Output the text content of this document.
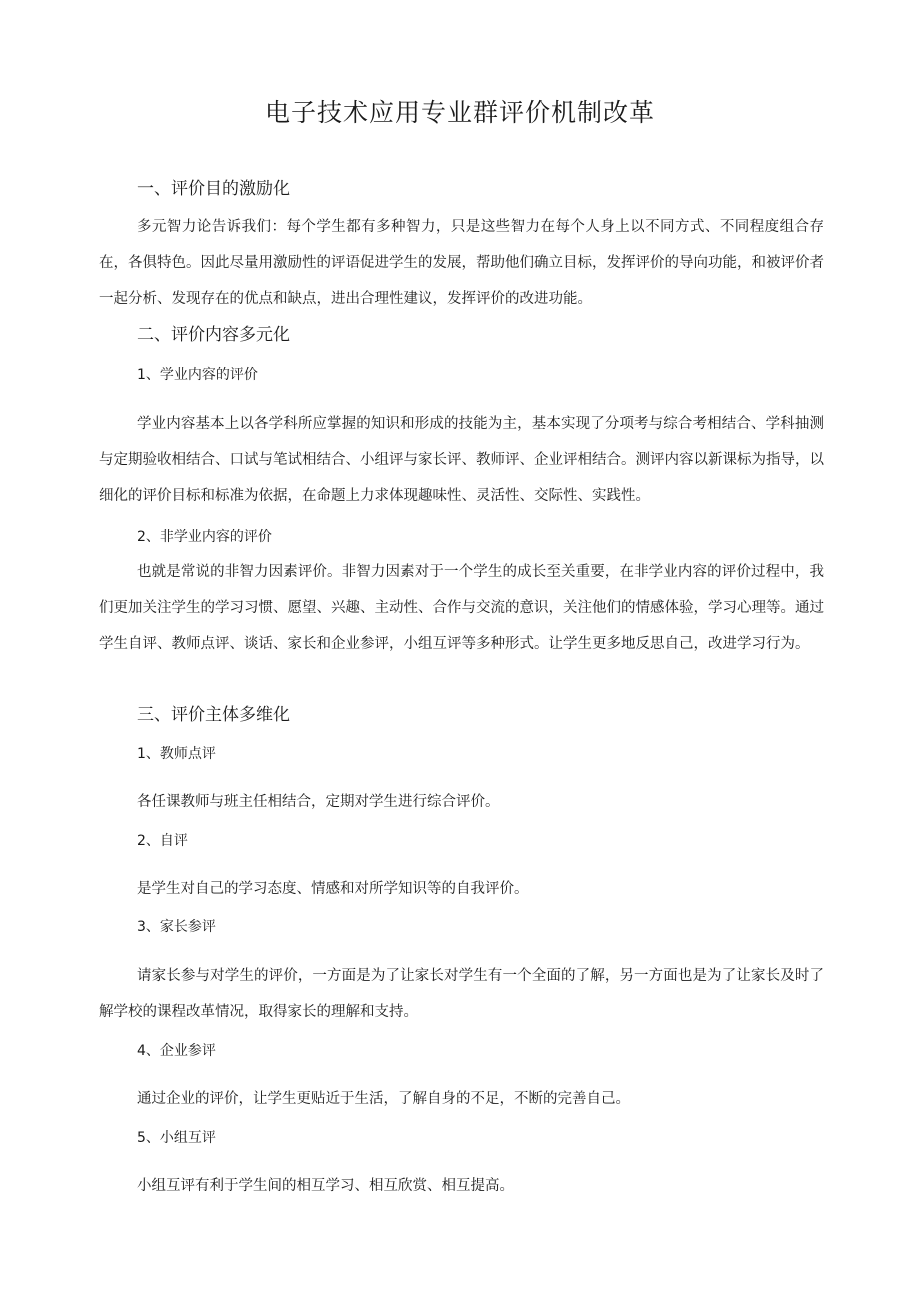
电子技术应用专业群评价机制改革
一、评价目的激励化
多元智力论告诉我们：每个学生都有多种智力，只是这些智力在每个人身上以不同方式、不同程度组合存在，各俱特色。因此尽量用激励性的评语促进学生的发展，帮助他们确立目标，发挥评价的导向功能，和被评价者一起分析、发现存在的优点和缺点，进出合理性建议，发挥评价的改进功能。
二、评价内容多元化
1、学业内容的评价
学业内容基本上以各学科所应掌握的知识和形成的技能为主，基本实现了分项考与综合考相结合、学科抽测与定期验收相结合、口试与笔试相结合、小组评与家长评、教师评、企业评相结合。测评内容以新课标为指导，以细化的评价目标和标准为依据，在命题上力求体现趣味性、灵活性、交际性、实践性。
2、非学业内容的评价
也就是常说的非智力因素评价。非智力因素对于一个学生的成长至关重要，在非学业内容的评价过程中，我们更加关注学生的学习习惯、愿望、兴趣、主动性、合作与交流的意识，关注他们的情感体验，学习心理等。通过学生自评、教师点评、谈话、家长和企业参评，小组互评等多种形式。让学生更多地反思自己，改进学习行为。
三、评价主体多维化
1、教师点评
各任课教师与班主任相结合，定期对学生进行综合评价。
2、自评
是学生对自己的学习态度、情感和对所学知识等的自我评价。
3、家长参评
请家长参与对学生的评价，一方面是为了让家长对学生有一个全面的了解，另一方面也是为了让家长及时了解学校的课程改革情况，取得家长的理解和支持。
4、企业参评
通过企业的评价，让学生更贴近于生活，了解自身的不足，不断的完善自己。
5、小组互评
小组互评有利于学生间的相互学习、相互欣赏、相互提高。
